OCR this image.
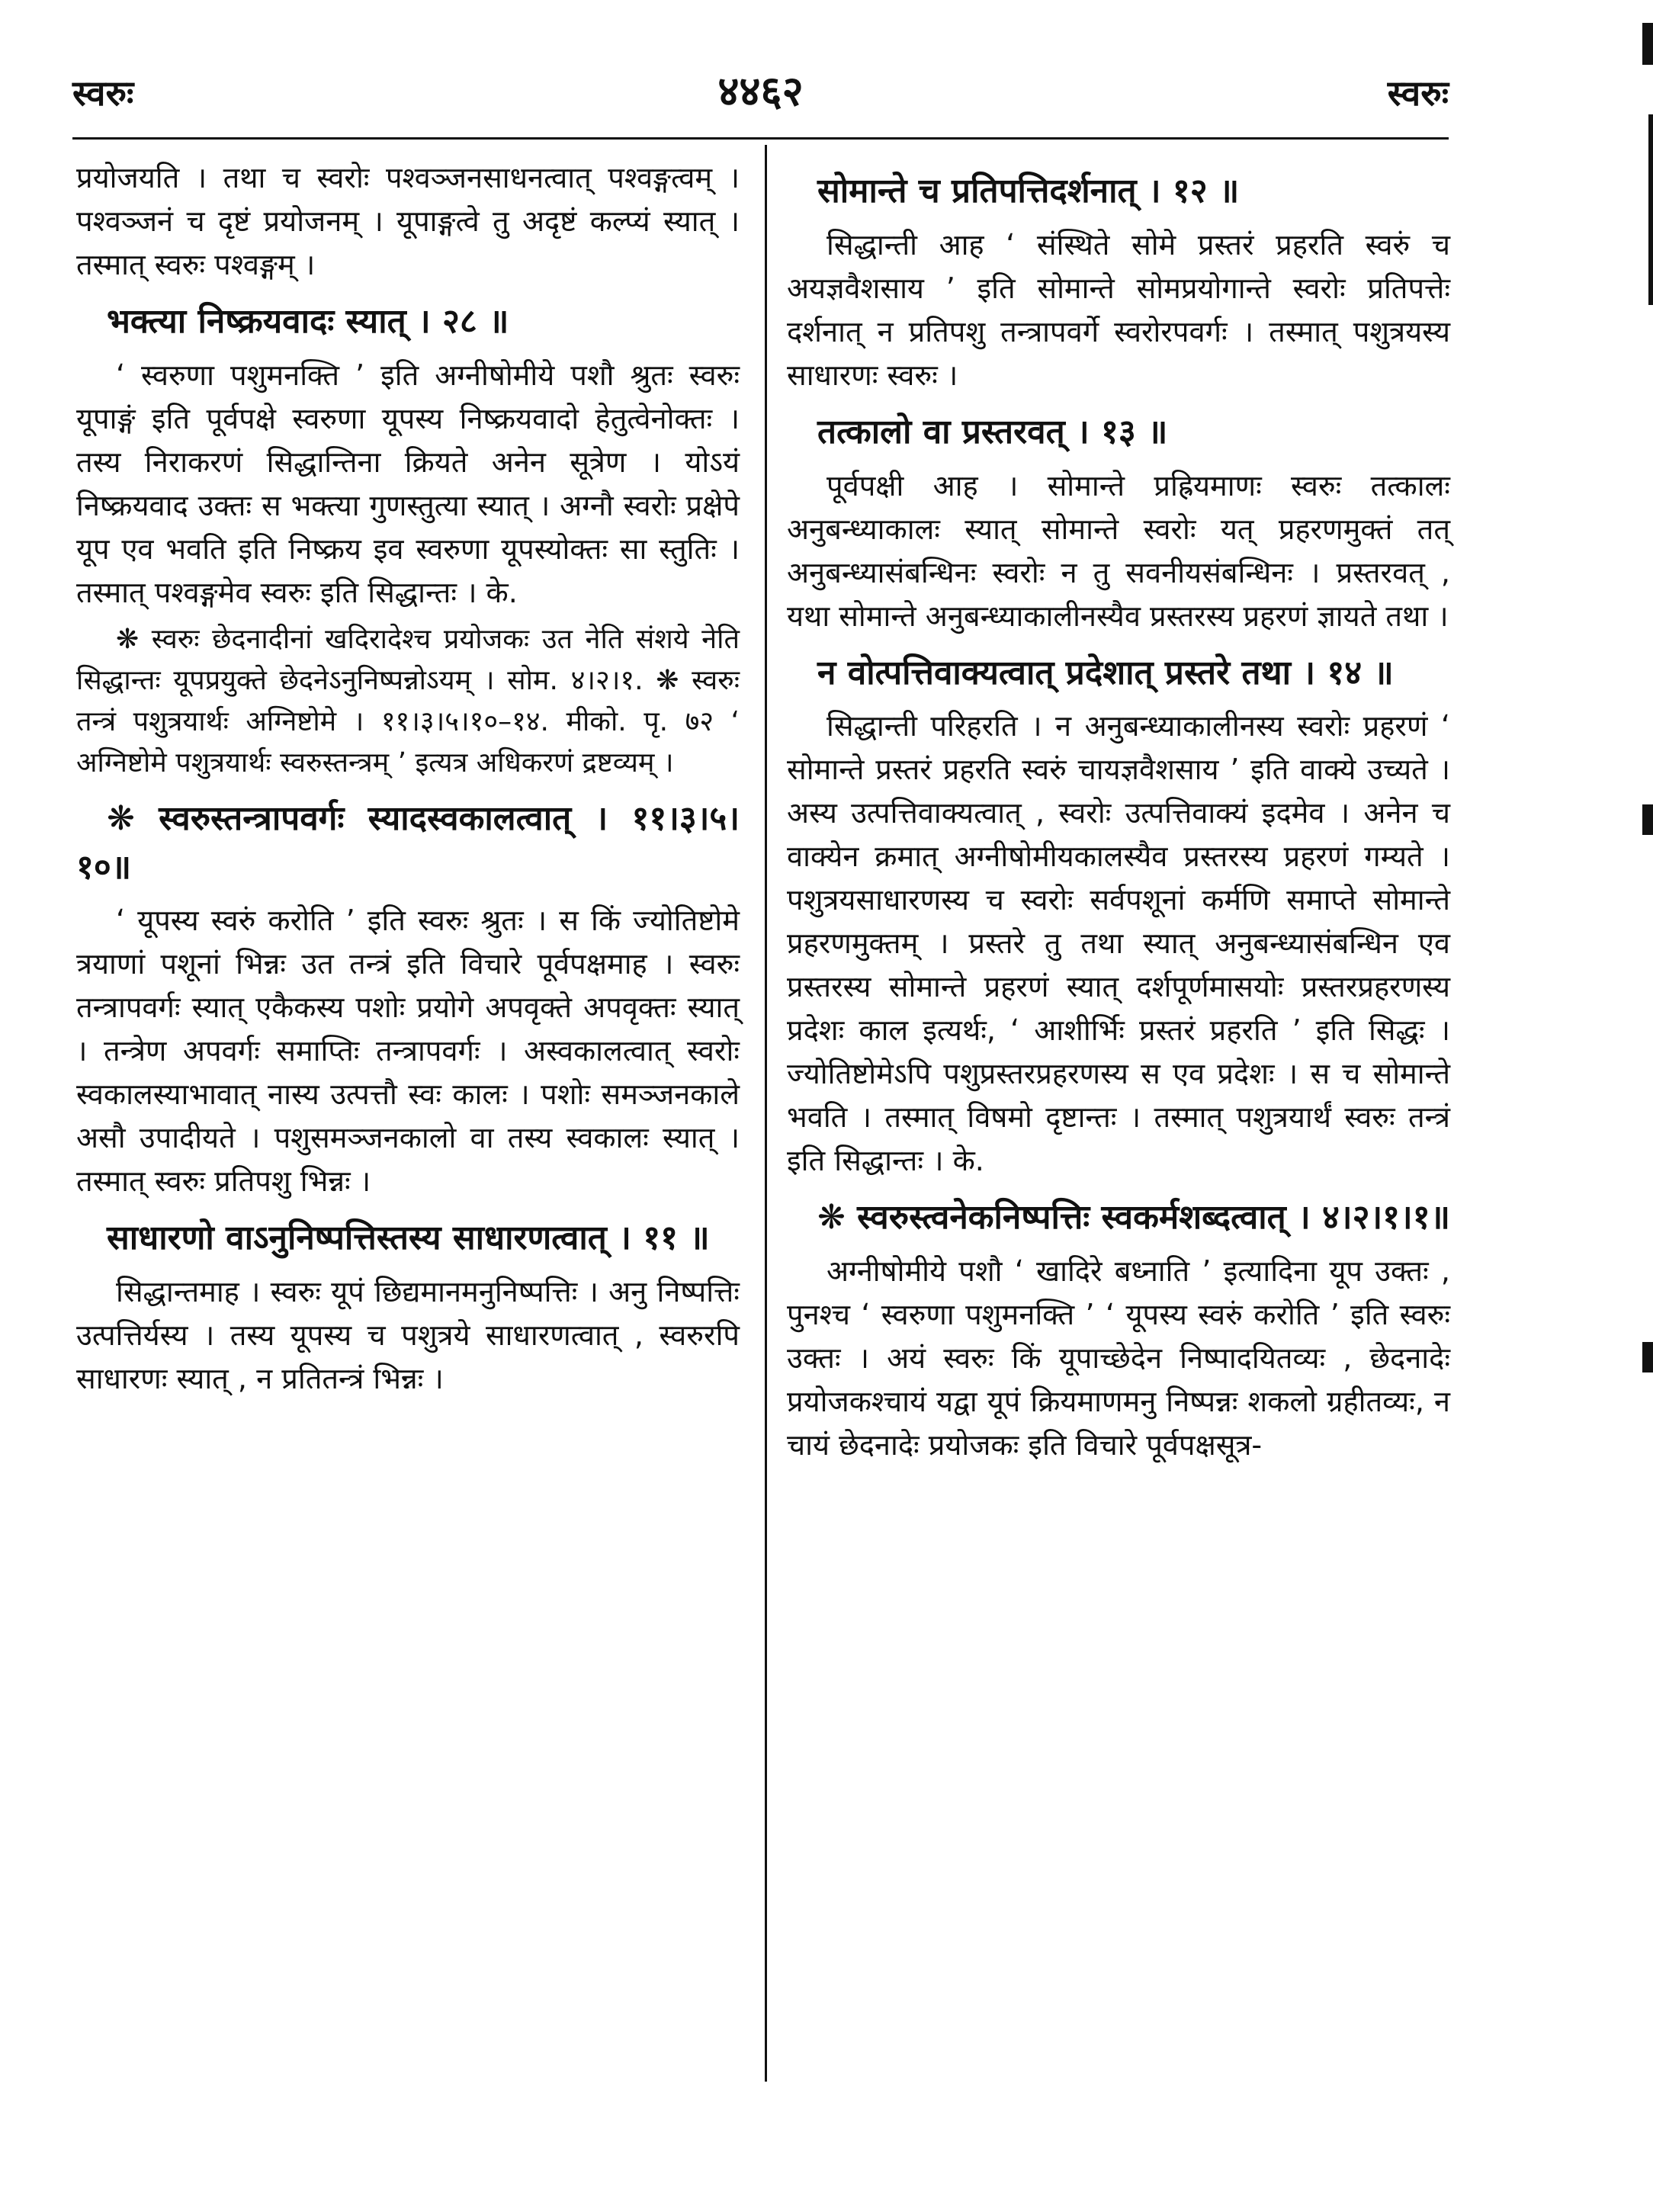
स्वरुः	४४६२	स्वरुः

प्रयोजयति । तथा च स्वरोः पश्वञ्जनसाधनत्वात् पश्वङ्गत्वम् । पश्वञ्जनं च दृष्टं प्रयोजनम् । यूपाङ्गत्वे तु अदृष्टं कल्प्यं स्यात् । तस्मात् स्वरुः पश्वङ्गम् ।

भक्त्या निष्क्रयवादः स्यात् । २८ ॥

‘ स्वरुणा पशुमनक्ति ’ इति अग्नीषोमीये पशौ श्रुतः स्वरुः यूपाङ्गं इति पूर्वपक्षे स्वरुणा यूपस्य निष्क्रयवादो हेतुत्वेनोक्तः । तस्य निराकरणं सिद्धान्तिना क्रियते अनेन सूत्रेण । योऽयं निष्क्रयवाद उक्तः स भक्त्या गुणस्तुत्या स्यात् । अग्नौ स्वरोः प्रक्षेपे यूप एव भवति इति निष्क्रय इव स्वरुणा यूपस्योक्तः सा स्तुतिः । तस्मात् पश्वङ्गमेव स्वरुः इति सिद्धान्तः । के.

❋ स्वरुः छेदनादीनां खदिरादेश्च प्रयोजकः उत नेति संशये नेति सिद्धान्तः यूपप्रयुक्ते छेदनेऽनुनिष्पन्नोऽयम् । सोम. ४।२।१. ❋ स्वरुः तन्त्रं पशुत्रयार्थः अग्निष्टोमे । ११।३।५।१०–१४. मीको. पृ. ७२ ‘ अग्निष्टोमे पशुत्रयार्थः स्वरुस्तन्त्रम् ’ इत्यत्र अधिकरणं द्रष्टव्यम् ।

❋ स्वरुस्तन्त्रापवर्गः स्यादस्वकालत्वात् । ११।३।५।१०॥

‘ यूपस्य स्वरुं करोति ’ इति स्वरुः श्रुतः । स किं ज्योतिष्टोमे त्रयाणां पशूनां भिन्नः उत तन्त्रं इति विचारे पूर्वपक्षमाह । स्वरुः तन्त्रापवर्गः स्यात् एकैकस्य पशोः प्रयोगे अपवृक्ते अपवृक्तः स्यात् । तन्त्रेण अपवर्गः समाप्तिः तन्त्रापवर्गः । अस्वकालत्वात् स्वरोः स्वकालस्याभावात् नास्य उत्पत्तौ स्वः कालः । पशोः समञ्जनकाले असौ उपादीयते । पशुसमञ्जनकालो वा तस्य स्वकालः स्यात् । तस्मात् स्वरुः प्रतिपशु भिन्नः ।

साधारणो वाऽनुनिष्पत्तिस्तस्य साधारणत्वात् । ११ ॥

सिद्धान्तमाह । स्वरुः यूपं छिद्यमानमनुनिष्पत्तिः । अनु निष्पत्तिः उत्पत्तिर्यस्य । तस्य यूपस्य च पशुत्रये साधारणत्वात् , स्वरुरपि साधारणः स्यात् , न प्रतितन्त्रं भिन्नः ।

सोमान्ते च प्रतिपत्तिदर्शनात् । १२ ॥

सिद्धान्ती आह ‘ संस्थिते सोमे प्रस्तरं प्रहरति स्वरुं च अयज्ञवैशसाय ’ इति सोमान्ते सोमप्रयोगान्ते स्वरोः प्रतिपत्तेः दर्शनात् न प्रतिपशु तन्त्रापवर्गे स्वरोरपवर्गः । तस्मात् पशुत्रयस्य साधारणः स्वरुः ।

तत्कालो वा प्रस्तरवत् । १३ ॥

पूर्वपक्षी आह । सोमान्ते प्रह्रियमाणः स्वरुः तत्कालः अनुबन्ध्याकालः स्यात् सोमान्ते स्वरोः यत् प्रहरणमुक्तं तत् अनुबन्ध्यासंबन्धिनः स्वरोः न तु सवनीयसंबन्धिनः । प्रस्तरवत् , यथा सोमान्ते अनुबन्ध्याकालीनस्यैव प्रस्तरस्य प्रहरणं ज्ञायते तथा ।

न वोत्पत्तिवाक्यत्वात् प्रदेशात् प्रस्तरे तथा । १४ ॥

सिद्धान्ती परिहरति । न अनुबन्ध्याकालीनस्य स्वरोः प्रहरणं ‘ सोमान्ते प्रस्तरं प्रहरति स्वरुं चायज्ञवैशसाय ’ इति वाक्ये उच्यते । अस्य उत्पत्तिवाक्यत्वात् , स्वरोः उत्पत्तिवाक्यं इदमेव । अनेन च वाक्येन क्रमात् अग्नीषोमीयकालस्यैव प्रस्तरस्य प्रहरणं गम्यते । पशुत्रयसाधारणस्य च स्वरोः सर्वपशूनां कर्मणि समाप्ते सोमान्ते प्रहरणमुक्तम् । प्रस्तरे तु तथा स्यात् अनुबन्ध्यासंबन्धिन एव प्रस्तरस्य सोमान्ते प्रहरणं स्यात् दर्शपूर्णमासयोः प्रस्तरप्रहरणस्य प्रदेशः काल इत्यर्थः, ‘ आशीर्भिः प्रस्तरं प्रहरति ’ इति सिद्धः । ज्योतिष्टोमेऽपि पशुप्रस्तरप्रहरणस्य स एव प्रदेशः । स च सोमान्ते भवति । तस्मात् विषमो दृष्टान्तः । तस्मात् पशुत्रयार्थं स्वरुः तन्त्रं इति सिद्धान्तः । के.

❋ स्वरुस्त्वनेकनिष्पत्तिः स्वकर्मशब्दत्वात् । ४।२।१।१॥

अग्नीषोमीये पशौ ‘ खादिरे बध्नाति ’ इत्यादिना यूप उक्तः , पुनश्च ‘ स्वरुणा पशुमनक्ति ’ ‘ यूपस्य स्वरुं करोति ’ इति स्वरुः उक्तः । अयं स्वरुः किं यूपाच्छेदेन निष्पादयितव्यः , छेदनादेः प्रयोजकश्चायं यद्वा यूपं क्रियमाणमनु निष्पन्नः शकलो ग्रहीतव्यः, न चायं छेदनादेः प्रयोजकः इति विचारे पूर्वपक्षसूत्र-
